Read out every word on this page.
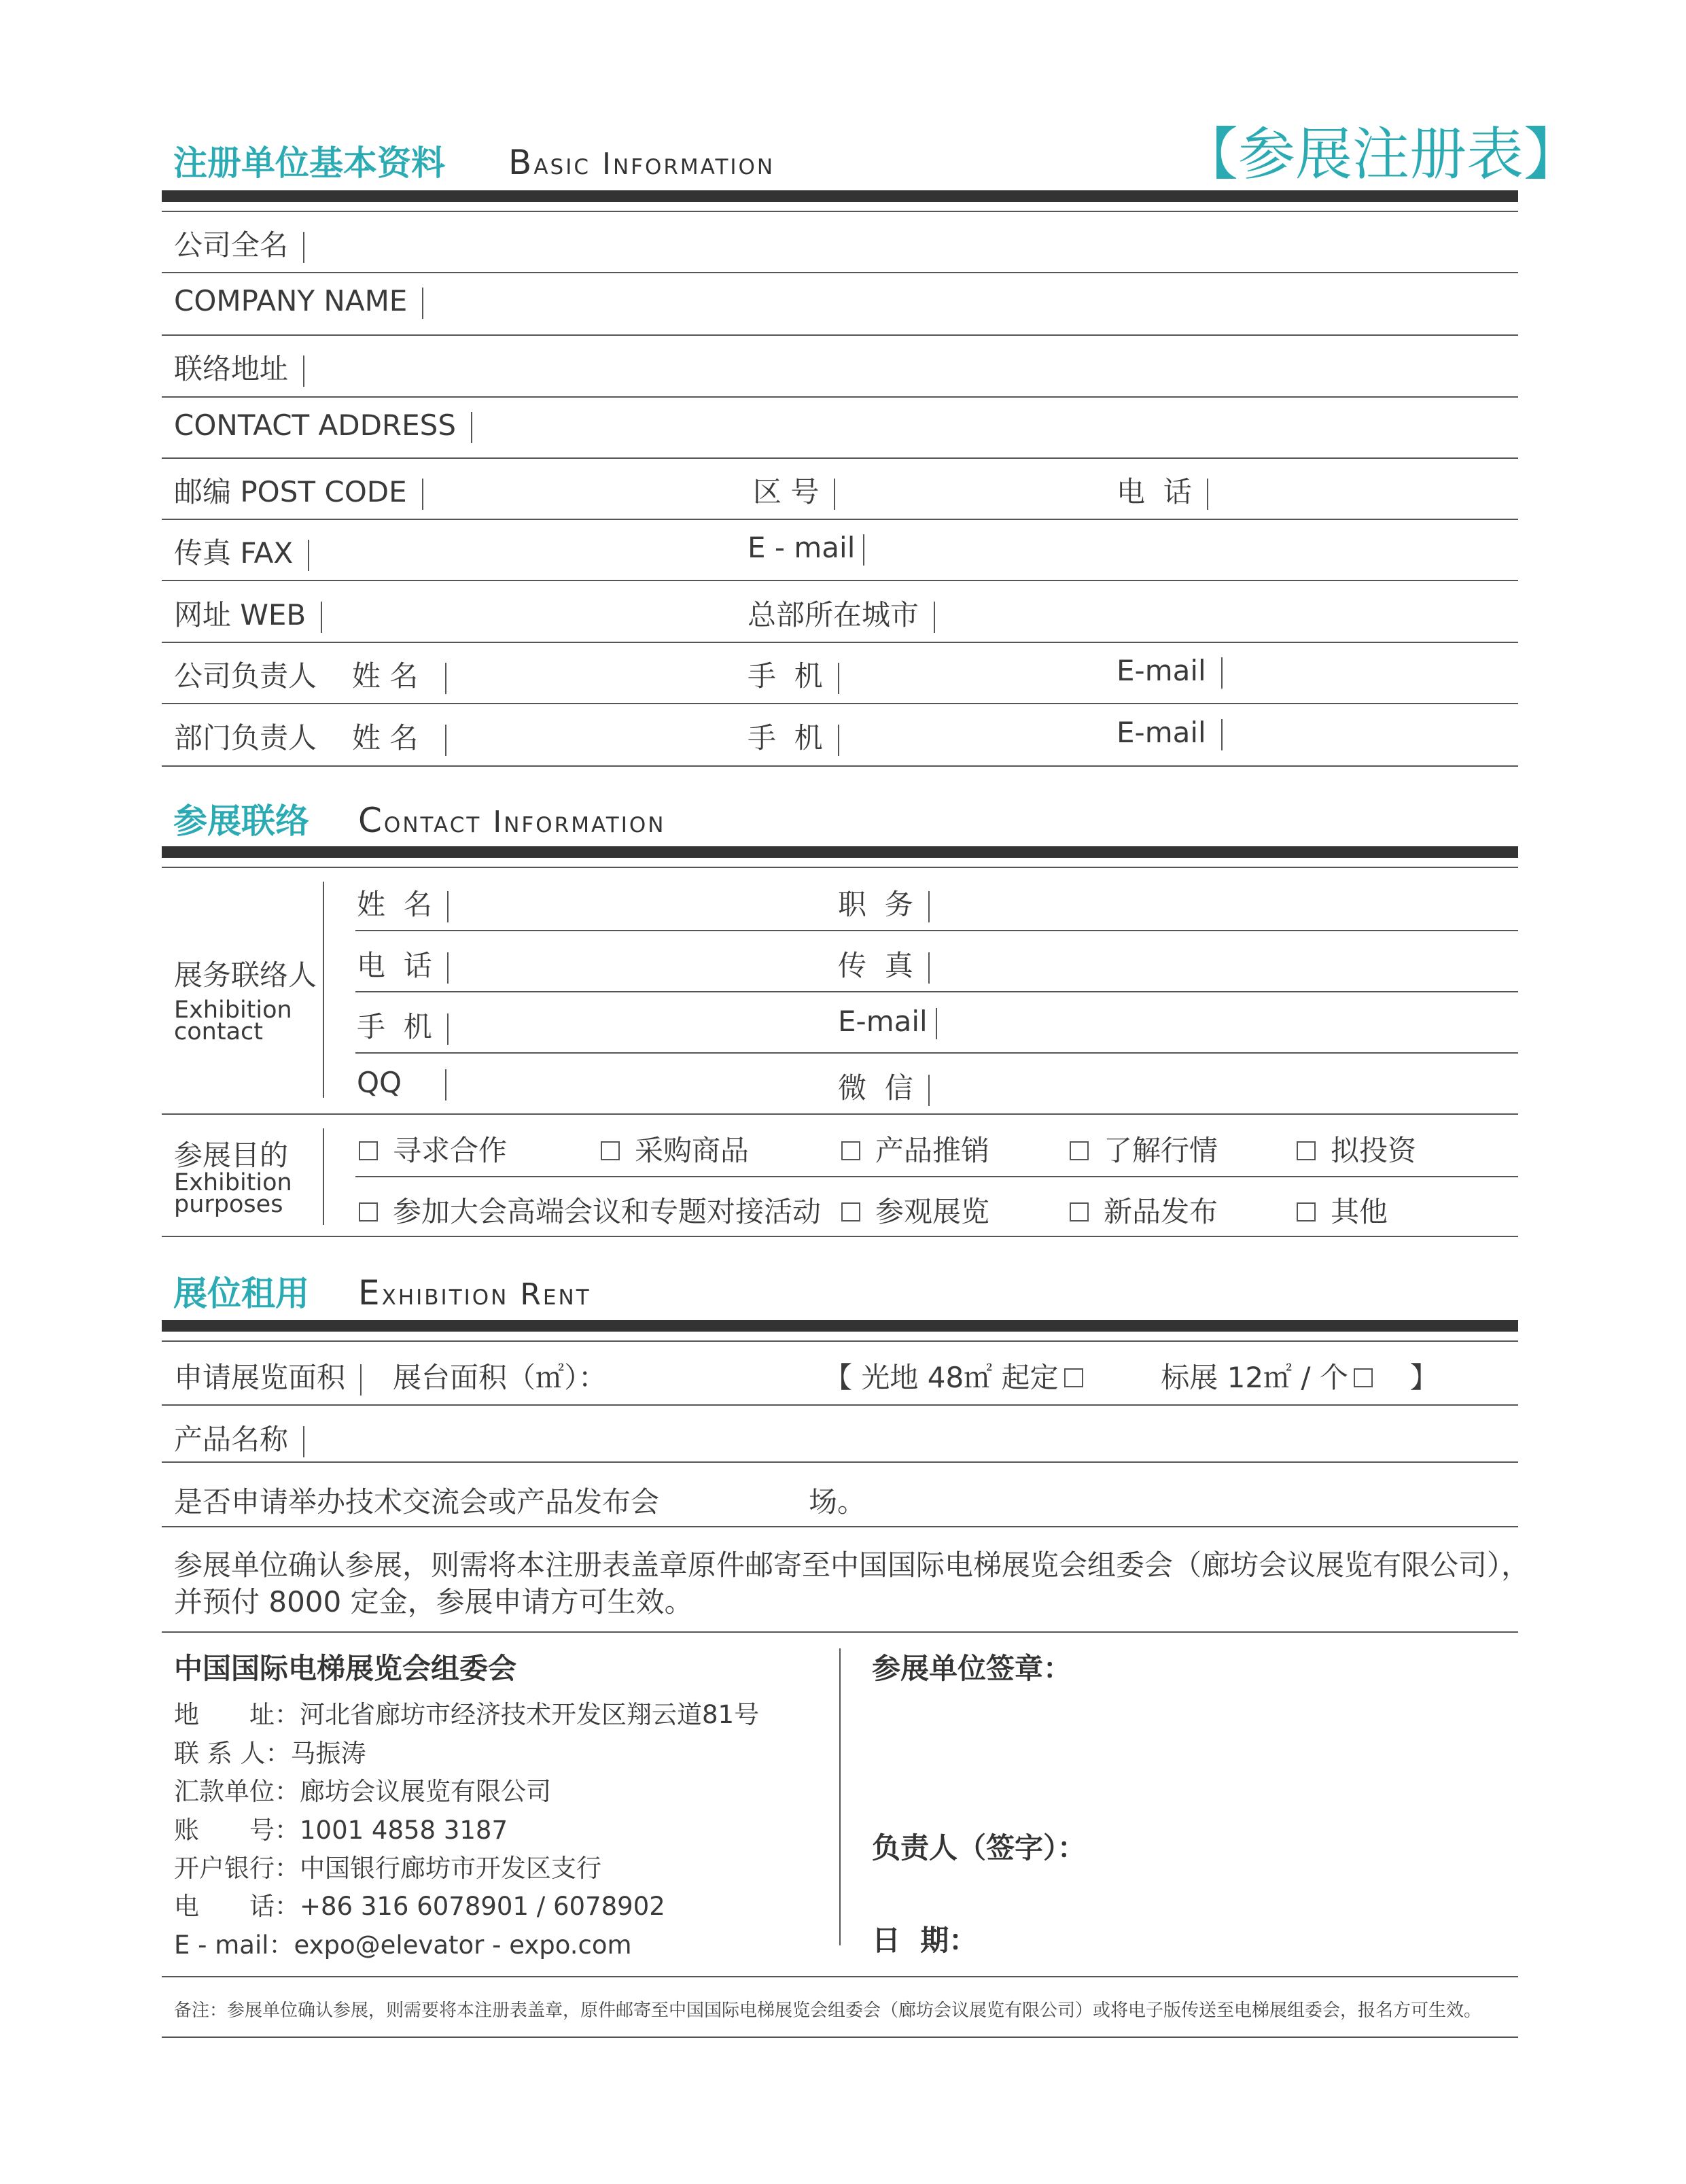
【参展注册表】
注册单位基本资料 Basic Information
公司全名
COMPANY NAME
联络地址
CONTACT ADDRESS
邮编 POST CODE	区 号	电  话
传真 FAX	E - mail
网址 WEB	总部所在城市
公司负责人 姓 名	手  机	E-mail
部门负责人 姓 名	手  机	E-mail
参展联络 Contact Information
展务联络人
Exhibition
contact
姓  名	职  务
电  话	传  真
手  机	E-mail
QQ	微  信
参展目的
Exhibition
purposes
寻求合作	采购商品	产品推销	了解行情	拟投资
参加大会高端会议和专题对接活动	参观展览	新品发布	其他
展位租用 Exhibition Rent
申请展览面积	展台面积（㎡）：	【 光地 48㎡ 起定	标展 12㎡ / 个 】
产品名称
是否申请举办技术交流会或产品发布会	场。
参展单位确认参展，则需将本注册表盖章原件邮寄至中国国际电梯展览会组委会（廊坊会议展览有限公司），
并预付 8000 定金，参展申请方可生效。
中国国际电梯展览会组委会
地　　址：河北省廊坊市经济技术开发区翔云道81号
联 系 人：马振涛
汇款单位：廊坊会议展览有限公司
账　　号：1001 4858 3187
开户银行：中国银行廊坊市开发区支行
电　　话：+86 316 6078901 / 6078902
E - mail：expo@elevator - expo.com
参展单位签章：
负责人（签字）：
日  期：
备注：参展单位确认参展，则需要将本注册表盖章，原件邮寄至中国国际电梯展览会组委会（廊坊会议展览有限公司）或将电子版传送至电梯展组委会，报名方可生效。
